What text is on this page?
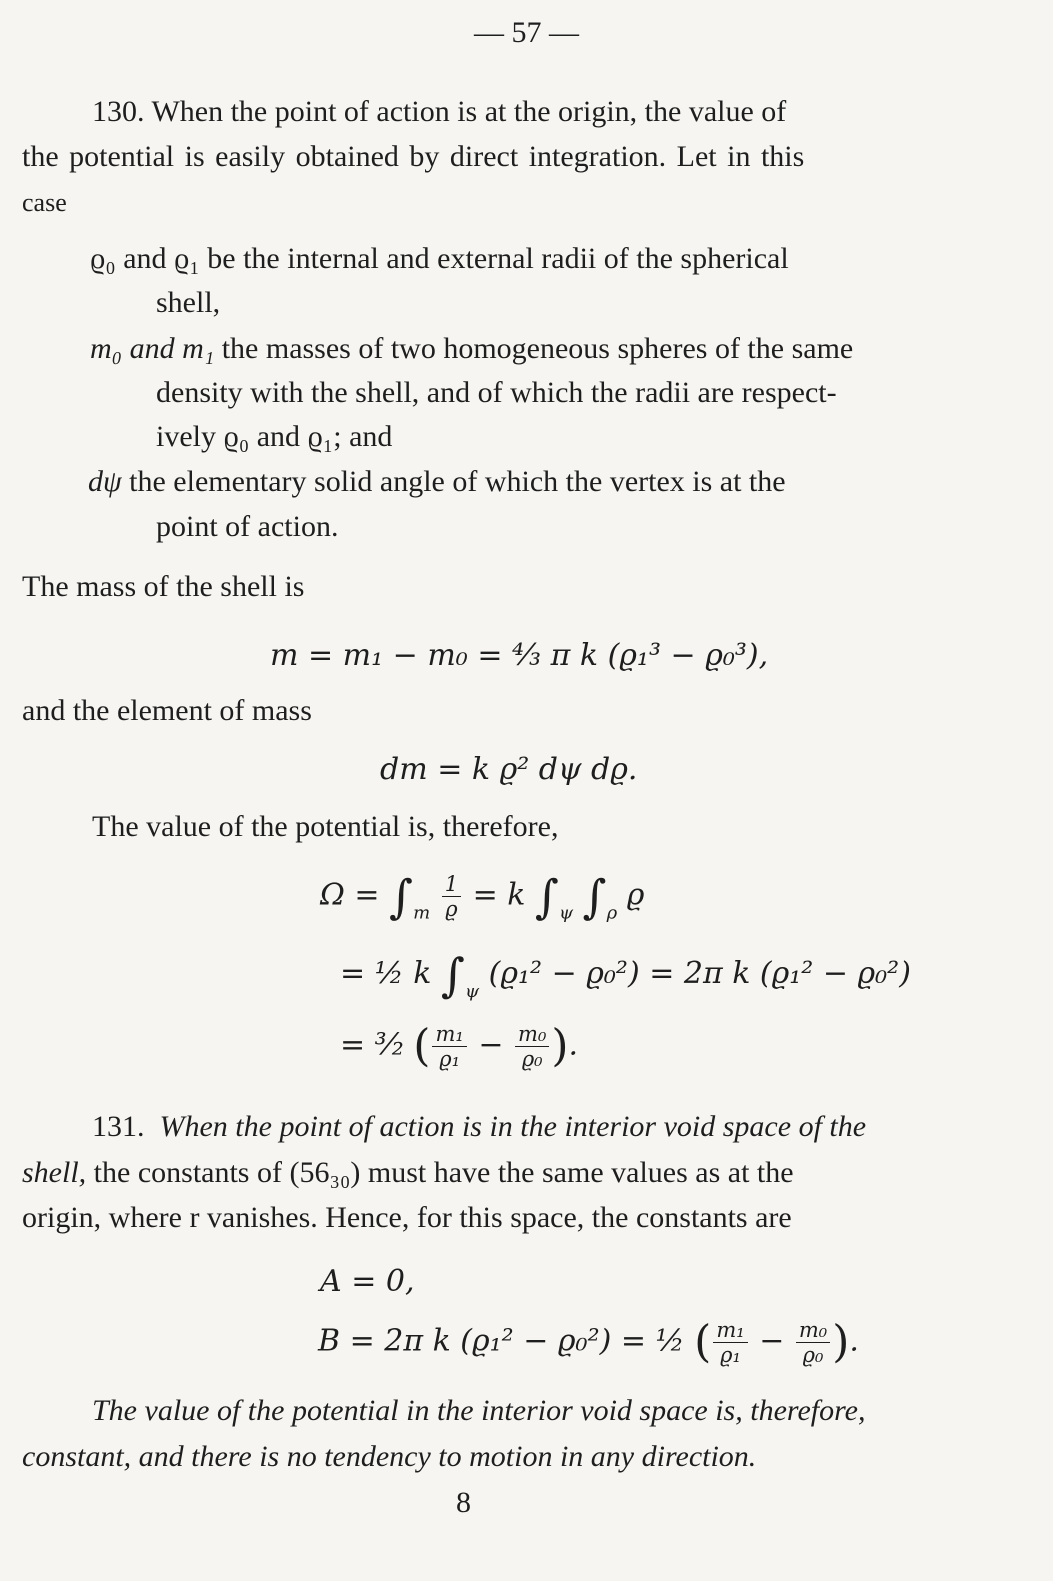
— 57 —
130. When the point of action is at the origin, the value of
the potential is easily obtained by direct integration. Let in this
case
ϱ₀ and ϱ₁ be the internal and external radii of the spherical
shell,
m₀ and m₁ the masses of two homogeneous spheres of the same
density with the shell, and of which the radii are respect-
ively ϱ₀ and ϱ₁; and
dψ the elementary solid angle of which the vertex is at the
point of action.
The mass of the shell is
m = m₁ − m₀ = ⁴⁄₃ π k (ϱ₁³ − ϱ₀³),
and the element of mass
dm = k ϱ² dψ dϱ.
The value of the potential is, therefore,
$\Omega = \int_m \frac{1}{ϱ} = k$ $\int_\psi$ $\int_\rho$ ϱ
= ½ k $\int_\psi$ (ϱ₁² − ϱ₀²) = 2π k (ϱ₁² − ϱ₀²)
= ³⁄₂ ( $\frac{\text{m₁}}{\text{ϱ₁}} - \frac{\text{m₀}}{\text{ϱ₀}}$ ).
131. When the point of action is in the interior void space of the
shell, the constants of (56₃₀) must have the same values as at the
origin, where r vanishes. Hence, for this space, the constants are
A = 0,
B = 2π k (ϱ₁² − ϱ₀²) = ½ ( $\frac{\text{m₁}}{\text{ϱ₁}} - \frac{\text{m₀}}{\text{ϱ₀}}$ ).
The value of the potential in the interior void space is, therefore,
constant, and there is no tendency to motion in any direction.
8
